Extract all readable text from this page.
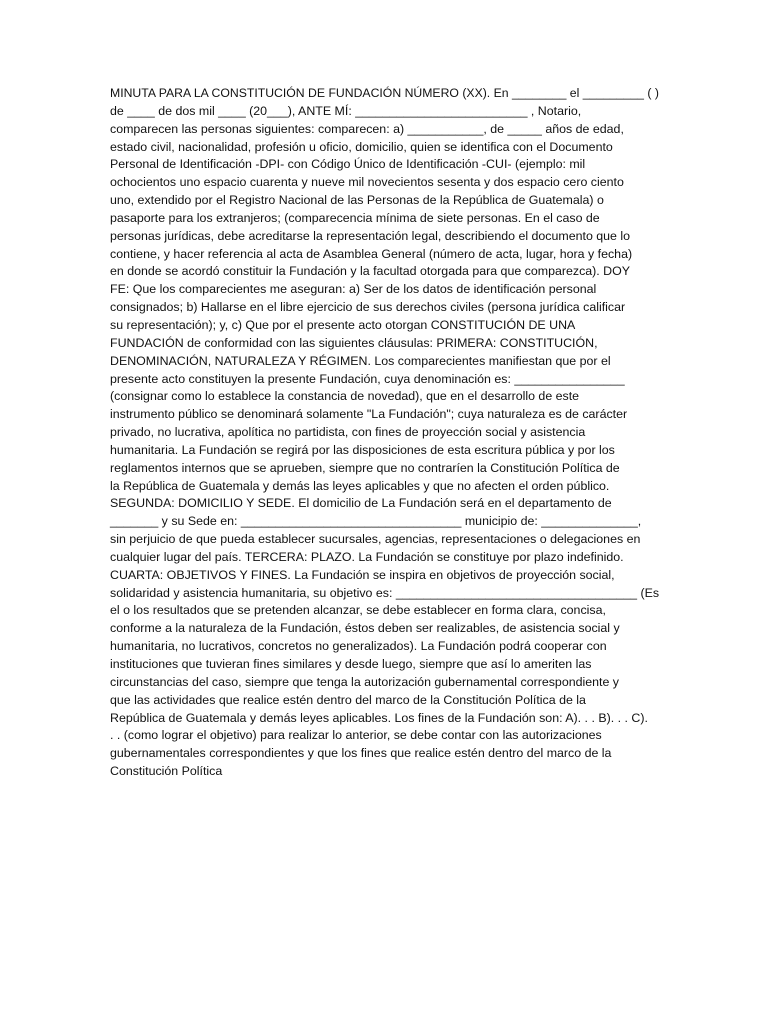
MINUTA PARA LA CONSTITUCIÓN DE FUNDACIÓN NÚMERO (XX). En ________ el _________ ( )
de ____ de dos mil ____ (20___), ANTE MÍ: _________________________ , Notario,
comparecen las personas siguientes: comparecen: a) ___________, de _____ años de edad,
estado civil, nacionalidad, profesión u oficio, domicilio, quien se identifica con el Documento
Personal de Identificación -DPI- con Código Único de Identificación -CUI- (ejemplo: mil
ochocientos uno espacio cuarenta y nueve mil novecientos sesenta y dos espacio cero ciento
uno, extendido por el Registro Nacional de las Personas de la República de Guatemala) o
pasaporte para los extranjeros; (comparecencia mínima de siete personas. En el caso de
personas jurídicas, debe acreditarse la representación legal, describiendo el documento que lo
contiene, y hacer referencia al acta de Asamblea General (número de acta, lugar, hora y fecha)
en donde se acordó constituir la Fundación y la facultad otorgada para que comparezca). DOY
FE: Que los comparecientes me aseguran: a) Ser de los datos de identificación personal
consignados; b) Hallarse en el libre ejercicio de sus derechos civiles (persona jurídica calificar
su representación); y, c) Que por el presente acto otorgan CONSTITUCIÓN DE UNA
FUNDACIÓN de conformidad con las siguientes cláusulas: PRIMERA: CONSTITUCIÓN,
DENOMINACIÓN, NATURALEZA Y RÉGIMEN. Los comparecientes manifiestan que por el
presente acto constituyen la presente Fundación, cuya denominación es: ________________
(consignar como lo establece la constancia de novedad), que en el desarrollo de este
instrumento público se denominará solamente "La Fundación"; cuya naturaleza es de carácter
privado, no lucrativa, apolítica no partidista, con fines de proyección social y asistencia
humanitaria. La Fundación se regirá por las disposiciones de esta escritura pública y por los
reglamentos internos que se aprueben, siempre que no contraríen la Constitución Política de
la República de Guatemala y demás las leyes aplicables y que no afecten el orden público.
SEGUNDA: DOMICILIO Y SEDE. El domicilio de La Fundación será en el departamento de
_______ y su Sede en: ________________________________ municipio de: ______________,
sin perjuicio de que pueda establecer sucursales, agencias, representaciones o delegaciones en
cualquier lugar del país. TERCERA: PLAZO. La Fundación se constituye por plazo indefinido.
CUARTA: OBJETIVOS Y FINES. La Fundación se inspira en objetivos de proyección social,
solidaridad y asistencia humanitaria, su objetivo es: ___________________________________ (Es
el o los resultados que se pretenden alcanzar, se debe establecer en forma clara, concisa,
conforme a la naturaleza de la Fundación, éstos deben ser realizables, de asistencia social y
humanitaria, no lucrativos, concretos no generalizados). La Fundación podrá cooperar con
instituciones que tuvieran fines similares y desde luego, siempre que así lo ameriten las
circunstancias del caso, siempre que tenga la autorización gubernamental correspondiente y
que las actividades que realice estén dentro del marco de la Constitución Política de la
República de Guatemala y demás leyes aplicables. Los fines de la Fundación son: A). . . B). . . C).
. . (como lograr el objetivo) para realizar lo anterior, se debe contar con las autorizaciones
gubernamentales correspondientes y que los fines que realice estén dentro del marco de la
Constitución Política
